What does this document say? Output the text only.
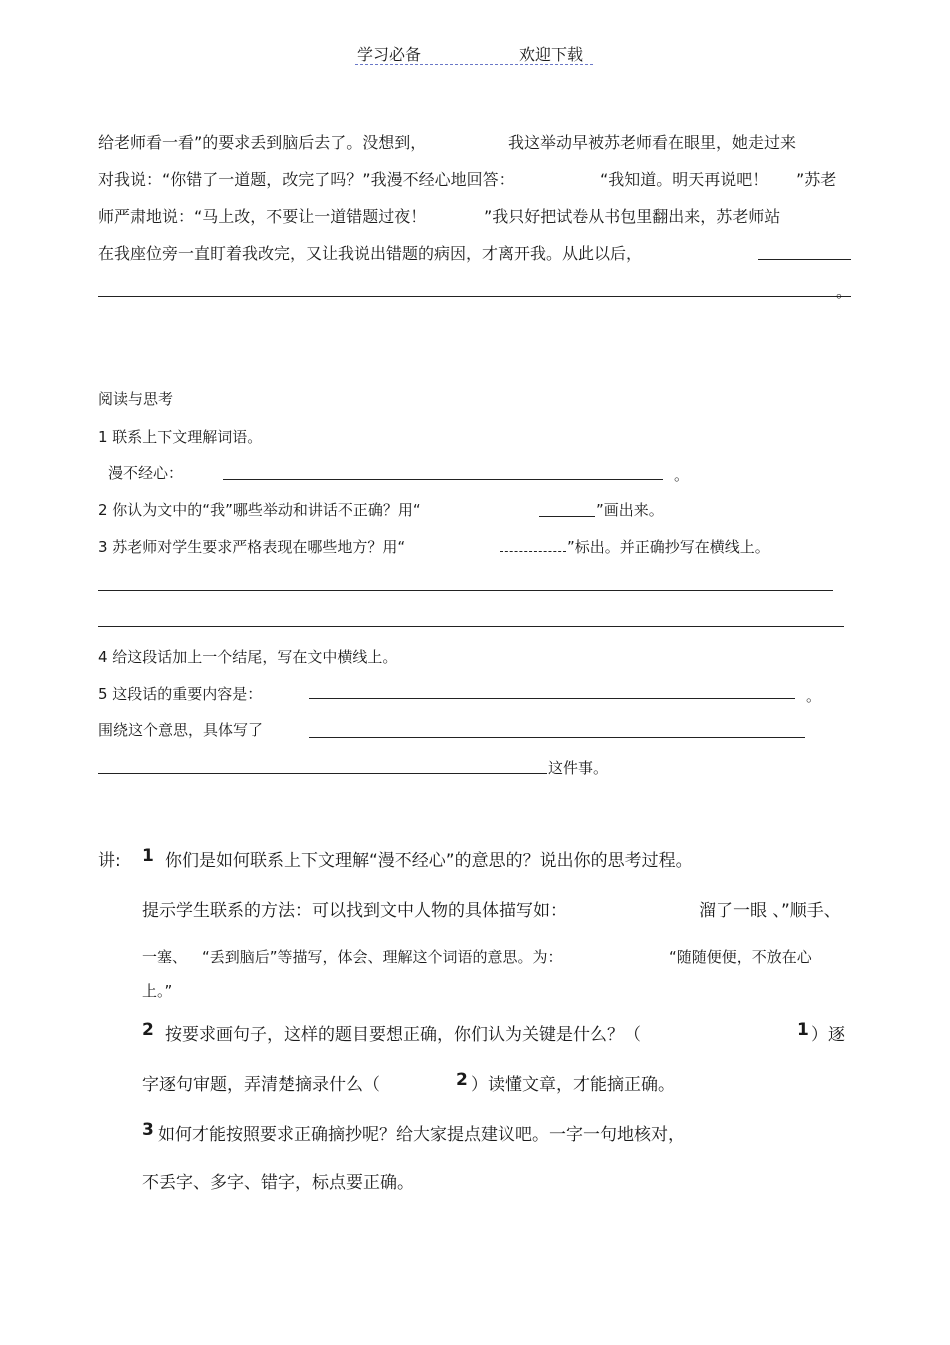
学习必备	欢迎下载
给老师看一看”的要求丢到脑后去了。没想到，	我这举动早被苏老师看在眼里，她走过来
对我说：“你错了一道题，改完了吗？”我漫不经心地回答：	“我知道。明天再说吧！ ”苏老
师严肃地说：“马上改，不要让一道错题过夜！	”我只好把试卷从书包里翻出来，苏老师站
在我座位旁一直盯着我改完，又让我说出错题的病因，才离开我。从此以后，
。
阅读与思考
1 联系上下文理解词语。
漫不经心：	。
2 你认为文中的“我”哪些举动和讲话不正确？用“	”画出来。
3 苏老师对学生要求严格表现在哪些地方？用“	”标出。并正确抄写在横线上。
4 给这段话加上一个结尾，写在文中横线上。
5 这段话的重要内容是：	。
围绕这个意思，具体写了
这件事。
讲: 1 你们是如何联系上下文理解“漫不经心”的意思的？说出你的思考过程。
提示学生联系的方法：可以找到文中人物的具体描写如：	溜了一眼 、
”顺手、
一塞、 “丢到脑后”等描写，体会、理解这个词语的意思。为：	“随随便便，不放在心
上。”
2 按要求画句子，这样的题目要想正确，你们认为关键是什么？（	1 ）逐
字逐句审题，弄清楚摘录什么（	2 ）读懂文章，才能摘正确。
3 如何才能按照要求正确摘抄呢？给大家提点建议吧。一字一句地核对，
不丢字、多字、错字，标点要正确。
